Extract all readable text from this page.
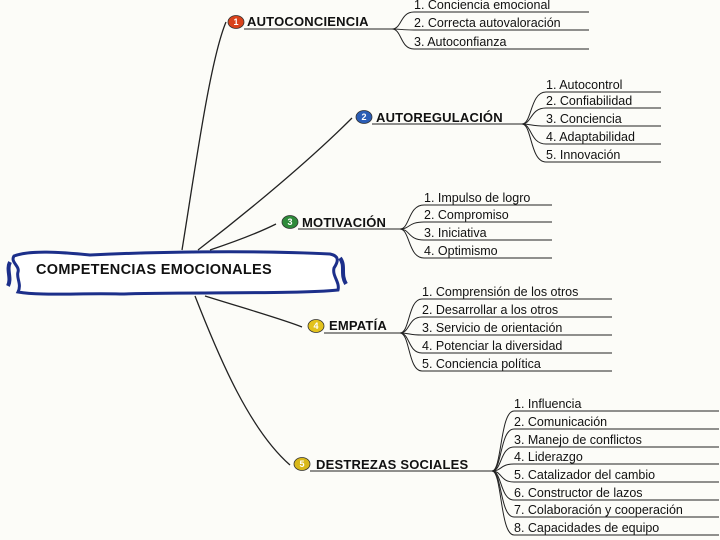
1
2
3
4
5
COMPETENCIAS EMOCIONALES
AUTOCONCIENCIA
1. Conciencia emocional
2. Correcta autovaloración
3. Autoconfianza
AUTOREGULACIÓN
1. Autocontrol
2. Confiabilidad
3. Conciencia
4. Adaptabilidad
5. Innovación
MOTIVACIÓN
1. Impulso de logro
2. Compromiso
3. Iniciativa
4. Optimismo
EMPATÍA
1. Comprensión de los otros
2. Desarrollar a los otros
3. Servicio de orientación
4. Potenciar la diversidad
5. Conciencia política
DESTREZAS SOCIALES
1. Influencia
2. Comunicación
3. Manejo de conflictos
4. Liderazgo
5. Catalizador del cambio
6. Constructor de lazos
7. Colaboración y cooperación
8. Capacidades de equipo
